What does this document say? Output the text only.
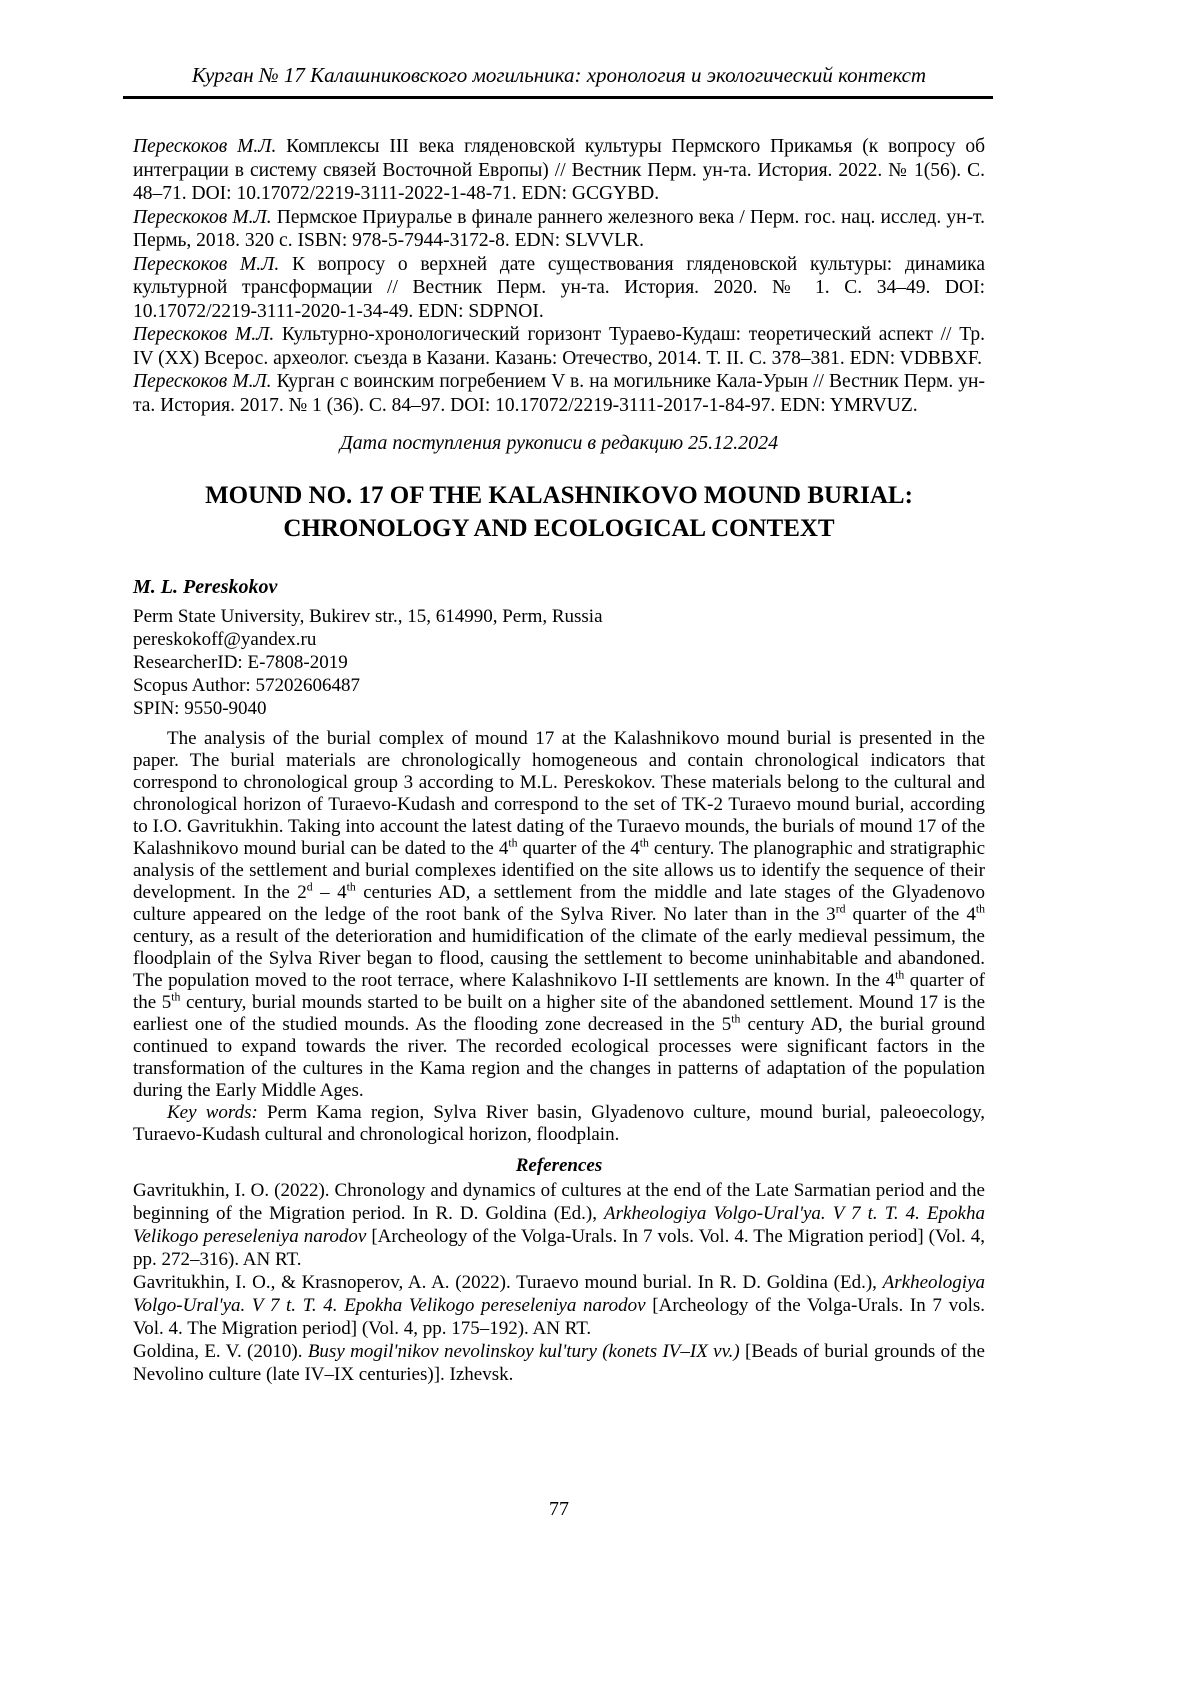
Курган № 17 Калашниковского могильника: хронология и экологический контекст

Перескоков М.Л. Комплексы III века гляденовской культуры Пермского Прикамья (к вопросу об интеграции в систему связей Восточной Европы) // Вестник Перм. ун-та. История. 2022. № 1(56). С. 48–71. DOI: 10.17072/2219-3111-2022-1-48-71. EDN: GCGYBD.

Перескоков М.Л. Пермское Приуралье в финале раннего железного века / Перм. гос. нац. исслед. ун-т. Пермь, 2018. 320 с. ISBN: 978-5-7944-3172-8. EDN: SLVVLR.

Перескоков М.Л. К вопросу о верхней дате существования гляденовской культуры: динамика культурной трансформации // Вестник Перм. ун-та. История. 2020. № 1. С. 34–49. DOI: 10.17072/2219-3111-2020-1-34-49. EDN: SDPNOI.

Перескоков М.Л. Культурно-хронологический горизонт Тураево-Кудаш: теоретический аспект // Тр. IV (XX) Всерос. археолог. съезда в Казани. Казань: Отечество, 2014. Т. II. С. 378–381. EDN: VDBBXF.

Перескоков М.Л. Курган с воинским погребением V в. на могильнике Кала-Урын // Вестник Перм. ун-та. История. 2017. № 1 (36). С. 84–97. DOI: 10.17072/2219-3111-2017-1-84-97. EDN: YMRVUZ.

Дата поступления рукописи в редакцию 25.12.2024

MOUND NO. 17 OF THE KALASHNIKOVO MOUND BURIAL:
CHRONOLOGY AND ECOLOGICAL CONTEXT

M. L. Pereskokov

Perm State University, Bukirev str., 15, 614990, Perm, Russia
pereskokoff@yandex.ru
ResearcherID: E-7808-2019
Scopus Author: 57202606487
SPIN: 9550-9040

The analysis of the burial complex of mound 17 at the Kalashnikovo mound burial is presented in the paper. The burial materials are chronologically homogeneous and contain chronological indicators that correspond to chronological group 3 according to M.L. Pereskokov. These materials belong to the cultural and chronological horizon of Turaevo-Kudash and correspond to the set of TK-2 Turaevo mound burial, according to I.O. Gavritukhin. Taking into account the latest dating of the Turaevo mounds, the burials of mound 17 of the Kalashnikovo mound burial can be dated to the 4th quarter of the 4th century. The planographic and stratigraphic analysis of the settlement and burial complexes identified on the site allows us to identify the sequence of their development. In the 2$^d$ – 4th centuries AD, a settlement from the middle and late stages of the Glyadenovo culture appeared on the ledge of the root bank of the Sylva River. No later than in the 3rd quarter of the 4th century, as a result of the deterioration and humidification of the climate of the early medieval pessimum, the floodplain of the Sylva River began to flood, causing the settlement to become uninhabitable and abandoned. The population moved to the root terrace, where Kalashnikovo I-II settlements are known. In the 4th quarter of the 5th century, burial mounds started to be built on a higher site of the abandoned settlement. Mound 17 is the earliest one of the studied mounds. As the flooding zone decreased in the 5th century AD, the burial ground continued to expand towards the river. The recorded ecological processes were significant factors in the transformation of the cultures in the Kama region and the changes in patterns of adaptation of the population during the Early Middle Ages.

Key words: Perm Kama region, Sylva River basin, Glyadenovo culture, mound burial, paleoecology, Turaevo-Kudash cultural and chronological horizon, floodplain.

References

Gavritukhin, I. O. (2022). Chronology and dynamics of cultures at the end of the Late Sarmatian period and the beginning of the Migration period. In R. D. Goldina (Ed.), Arkheologiya Volgo-Ural'ya. V 7 t. T. 4. Epokha Velikogo pereseleniya narodov [Archeology of the Volga-Urals. In 7 vols. Vol. 4. The Migration period] (Vol. 4, pp. 272–316). AN RT.

Gavritukhin, I. O., & Krasnoperov, A. A. (2022). Turaevo mound burial. In R. D. Goldina (Ed.), Arkheologiya Volgo-Ural'ya. V 7 t. T. 4. Epokha Velikogo pereseleniya narodov [Archeology of the Volga-Urals. In 7 vols. Vol. 4. The Migration period] (Vol. 4, pp. 175–192). AN RT.

Goldina, E. V. (2010). Busy mogil'nikov nevolinskoy kul'tury (konets IV–IX vv.) [Beads of burial grounds of the Nevolino culture (late IV–IX centuries)]. Izhevsk.

77
